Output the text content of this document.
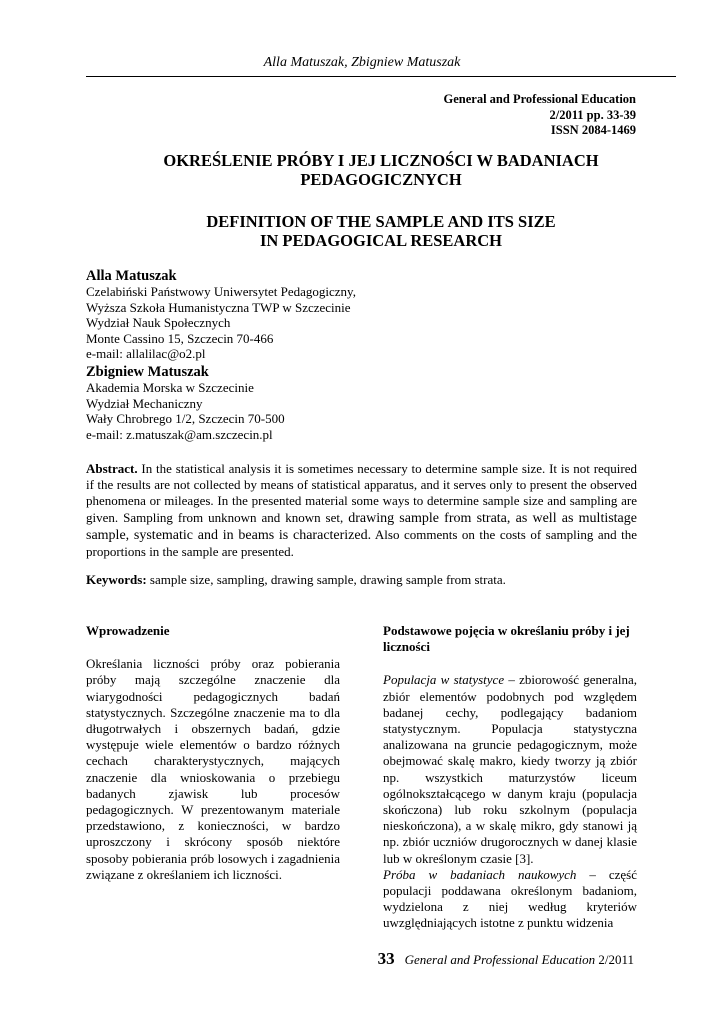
Alla Matuszak, Zbigniew Matuszak
General and Professional Education
2/2011 pp. 33-39
ISSN 2084-1469
OKREŚLENIE PRÓBY I JEJ LICZNOŚCI W BADANIACH
PEDAGOGICZNYCH
DEFINITION OF THE SAMPLE AND ITS SIZE
IN PEDAGOGICAL RESEARCH
Alla Matuszak
Czelabiński Państwowy Uniwersytet Pedagogiczny,
Wyższa Szkoła Humanistyczna TWP w Szczecinie
Wydział Nauk Społecznych
Monte Cassino 15, Szczecin 70-466
e-mail: allalilac@o2.pl
Zbigniew Matuszak
Akademia Morska w Szczecinie
Wydział Mechaniczny
Wały Chrobrego 1/2, Szczecin 70-500
e-mail: z.matuszak@am.szczecin.pl
Abstract. In the statistical analysis it is sometimes necessary to determine sample size. It is not required if the results are not collected by means of statistical apparatus, and it serves only to present the observed phenomena or mileages. In the presented material some ways to determine sample size and sampling are given. Sampling from unknown and known set, drawing sample from strata, as well as multistage sample, systematic and in beams is characterized. Also comments on the costs of sampling and the proportions in the sample are presented.
Keywords: sample size, sampling, drawing sample, drawing sample from strata.
Wprowadzenie

Określania liczności próby oraz pobierania próby mają szczególne znaczenie dla wiarygodności pedagogicznych badań statystycznych. Szczególne znaczenie ma to dla długotrwałych i obszernych badań, gdzie występuje wiele elementów o bardzo różnych cechach charakterystycznych, mających znaczenie dla wnioskowania o przebiegu badanych zjawisk lub procesów pedagogicznych. W prezentowanym materiale przedstawiono, z konieczności, w bardzo uproszczony i skrócony sposób niektóre sposoby pobierania prób losowych i zagadnienia związane z określaniem ich liczności.

Podstawowe pojęcia w określaniu próby i jej liczności

Populacja w statystyce – zbiorowość generalna, zbiór elementów podobnych pod względem badanej cechy, podlegający badaniom statystycznym. Populacja statystyczna analizowana na gruncie pedagogicznym, może obejmować skalę makro, kiedy tworzy ją zbiór np. wszystkich maturzystów liceum ogólnokształcącego w danym kraju (populacja skończona) lub roku szkolnym (populacja nieskończona), a w skalę mikro, gdy stanowi ją np. zbiór uczniów drugorocznych w danej klasie lub w określonym czasie [3].

Próba w badaniach naukowych – część populacji poddawana określonym badaniom, wydzielona z niej według kryteriów uwzględniających istotne z punktu widzenia

33 General and Professional Education 2/2011
